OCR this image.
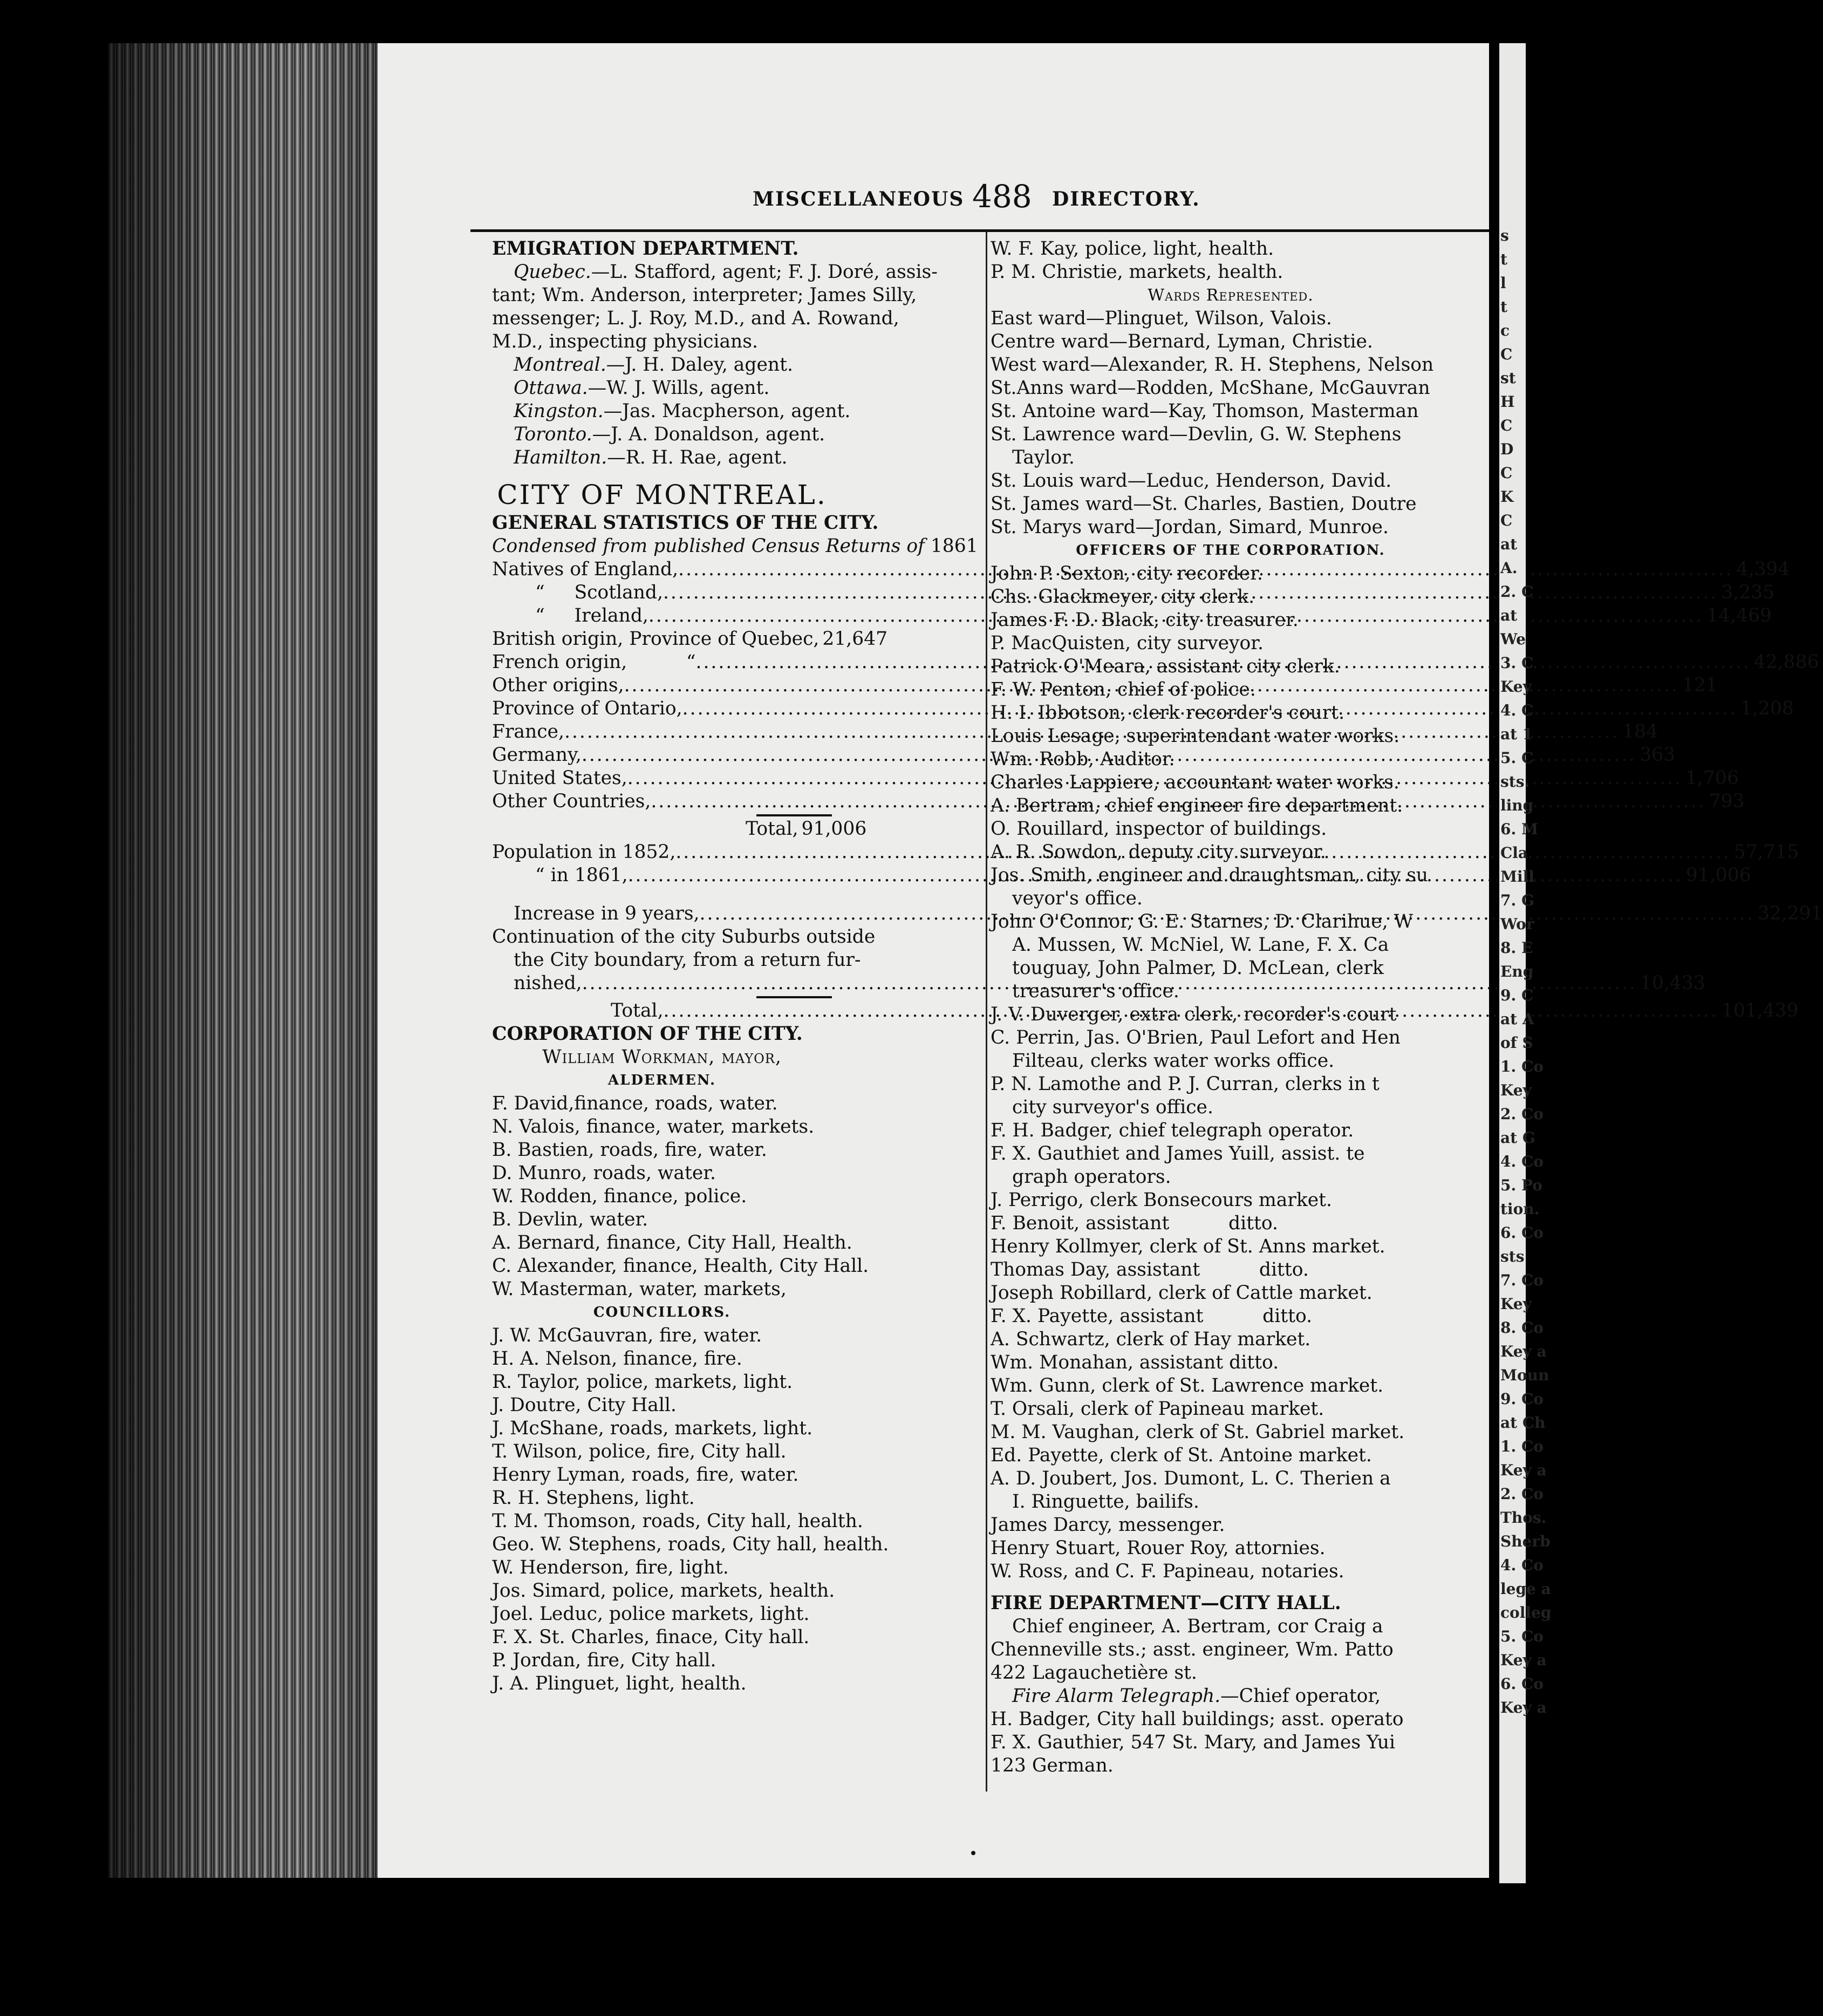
MISCELLANEOUS 488 DIRECTORY.
EMIGRATION DEPARTMENT.
Quebec.—L. Stafford, agent; F. J. Doré, assis-
tant; Wm. Anderson, interpreter; James Silly,
messenger; L. J. Roy, M.D., and A. Rowand,
M.D., inspecting physicians.
Montreal.—J. H. Daley, agent.
Ottawa.—W. J. Wills, agent.
Kingston.—Jas. Macpherson, agent.
Toronto.—J. A. Donaldson, agent.
Hamilton.—R. H. Rae, agent.
CITY OF MONTREAL.
GENERAL STATISTICS OF THE CITY.
Condensed from published Census Returns of 1861
Natives of England, .....	4,394
“     Scotland, .....	3,235
“     Ireland, .....	14,469
British origin, Province of Quebec, 21,647
French origin,          “ .....	42,886
Other origins, .....	121
Province of Ontario, .....	1,208
France, .....	184
Germany, .....	363
United States, .....	1,706
Other Countries, .....	793
Total, 91,006
Population in 1852, .....	57,715
“ in 1861, .....	91,006
Increase in 9 years, .....	32,291
Continuation of the city Suburbs outside
the City boundary, from a return fur-
nished, .....	10,433
Total, .....	101,439
CORPORATION OF THE CITY.
William Workman, mayor,
ALDERMEN.
F. David,finance, roads, water.
N. Valois, finance, water, markets.
B. Bastien, roads, fire, water.
D. Munro, roads, water.
W. Rodden, finance, police.
B. Devlin, water.
A. Bernard, finance, City Hall, Health.
C. Alexander, finance, Health, City Hall.
W. Masterman, water, markets,
COUNCILLORS.
J. W. McGauvran, fire, water.
H. A. Nelson, finance, fire.
R. Taylor, police, markets, light.
J. Doutre, City Hall.
J. McShane, roads, markets, light.
T. Wilson, police, fire, City hall.
Henry Lyman, roads, fire, water.
R. H. Stephens, light.
T. M. Thomson, roads, City hall, health.
Geo. W. Stephens, roads, City hall, health.
W. Henderson, fire, light.
Jos. Simard, police, markets, health.
Joel. Leduc, police markets, light.
F. X. St. Charles, finace, City hall.
P. Jordan, fire, City hall.
J. A. Plinguet, light, health.
W. F. Kay, police, light, health.
P. M. Christie, markets, health.
Wards Represented.
East ward—Plinguet, Wilson, Valois.
Centre ward—Bernard, Lyman, Christie.
West ward—Alexander, R. H. Stephens, Nelson
St.Anns ward—Rodden, McShane, McGauvran
St. Antoine ward—Kay, Thomson, Masterman
St. Lawrence ward—Devlin, G. W. Stephens
Taylor.
St. Louis ward—Leduc, Henderson, David.
St. James ward—St. Charles, Bastien, Doutre
St. Marys ward—Jordan, Simard, Munroe.
OFFICERS OF THE CORPORATION.
John P. Sexton, city recorder.
Chs. Glackmeyer, city clerk.
James F. D. Black, city treasurer.
P. MacQuisten, city surveyor.
Patrick O'Meara, assistant city clerk.
F. W. Penton, chief of police.
H. I. Ibbotson, clerk recorder's court.
Louis Lesage, superintendant water works.
Wm. Robb, Auditor.
Charles Lappiere, accountant water works.
A. Bertram, chief engineer fire department.
O. Rouillard, inspector of buildings.
A. R. Sowdon, deputy city surveyor.
Jos. Smith, engineer and draughtsman, city su
veyor's office.
John O'Connor, G. E. Starnes, D. Clarihue, W
A. Mussen, W. McNiel, W. Lane, F. X. Ca
touguay, John Palmer, D. McLean, clerk
treasurer's office.
J. V. Duverger, extra clerk, recorder's court
C. Perrin, Jas. O'Brien, Paul Lefort and Hen
Filteau, clerks water works office.
P. N. Lamothe and P. J. Curran, clerks in t
city surveyor's office.
F. H. Badger, chief telegraph operator.
F. X. Gauthiet and James Yuill, assist. te
graph operators.
J. Perrigo, clerk Bonsecours market.
F. Benoit, assistant          ditto.
Henry Kollmyer, clerk of St. Anns market.
Thomas Day, assistant          ditto.
Joseph Robillard, clerk of Cattle market.
F. X. Payette, assistant          ditto.
A. Schwartz, clerk of Hay market.
Wm. Monahan, assistant ditto.
Wm. Gunn, clerk of St. Lawrence market.
T. Orsali, clerk of Papineau market.
M. M. Vaughan, clerk of St. Gabriel market.
Ed. Payette, clerk of St. Antoine market.
A. D. Joubert, Jos. Dumont, L. C. Therien a
I. Ringuette, bailifs.
James Darcy, messenger.
Henry Stuart, Rouer Roy, attornies.
W. Ross, and C. F. Papineau, notaries.
FIRE DEPARTMENT—CITY HALL.
Chief engineer, A. Bertram, cor Craig a
Chenneville sts.; asst. engineer, Wm. Patto
422 Lagauchetière st.
Fire Alarm Telegraph.—Chief operator,
H. Badger, City hall buildings; asst. operato
F. X. Gauthier, 547 St. Mary, and James Yui
123 German.
s
t
l
t
c
C
st
H
C
D
C
K
C
at
A.
2. C
at
We
3. C
Key
4. C
at 1
5. C
sts.
ling
6. M
Cla
Mill
7. G
Wor
8. E
Eng
9. C
at A
of S
1. Co
Key
2. Co
at G
4. Co
5. Po
tion.
6. Co
sts
7. Co
Key
8. Co
Key a
Moun
9. Co
at Ch
1. Co
Key a
2. Co
Thos.
Sherb
4. Co
lege a
colleg
5. Co
Key a
6. Co
Key a
